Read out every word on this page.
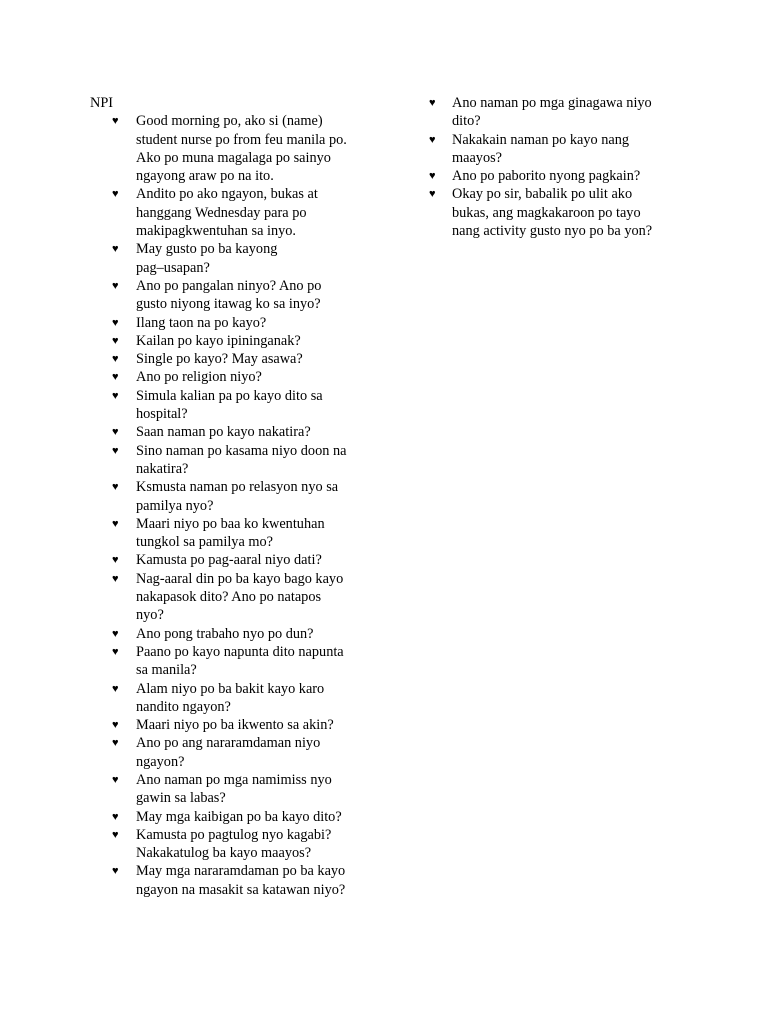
NPI
♥ Good morning po, ako si (name)
student nurse po from feu manila po.
Ako po muna magalaga po sainyo
ngayong araw po na ito.
♥ Andito po ako ngayon, bukas at
hanggang Wednesday para po
makipagkwentuhan sa inyo.
♥ May gusto po ba kayong
pag–usapan?
♥ Ano po pangalan ninyo? Ano po
gusto niyong itawag ko sa inyo?
♥ Ilang taon na po kayo?
♥ Kailan po kayo ipininganak?
♥ Single po kayo? May asawa?
♥ Ano po religion niyo?
♥ Simula kalian pa po kayo dito sa
hospital?
♥ Saan naman po kayo nakatira?
♥ Sino naman po kasama niyo doon na
nakatira?
♥ Ksmusta naman po relasyon nyo sa
pamilya nyo?
♥ Maari niyo po baa ko kwentuhan
tungkol sa pamilya mo?
♥ Kamusta po pag-aaral niyo dati?
♥ Nag-aaral din po ba kayo bago kayo
nakapasok dito? Ano po natapos
nyo?
♥ Ano pong trabaho nyo po dun?
♥ Paano po kayo napunta dito napunta
sa manila?
♥ Alam niyo po ba bakit kayo karo
nandito ngayon?
♥ Maari niyo po ba ikwento sa akin?
♥ Ano po ang nararamdaman niyo
ngayon?
♥ Ano naman po mga namimiss nyo
gawin sa labas?
♥ May mga kaibigan po ba kayo dito?
♥ Kamusta po pagtulog nyo kagabi?
Nakakatulog ba kayo maayos?
♥ May mga nararamdaman po ba kayo
ngayon na masakit sa katawan niyo?
♥ Ano naman po mga ginagawa niyo
dito?
♥ Nakakain naman po kayo nang
maayos?
♥ Ano po paborito nyong pagkain?
♥ Okay po sir, babalik po ulit ako
bukas, ang magkakaroon po tayo
nang activity gusto nyo po ba yon?
